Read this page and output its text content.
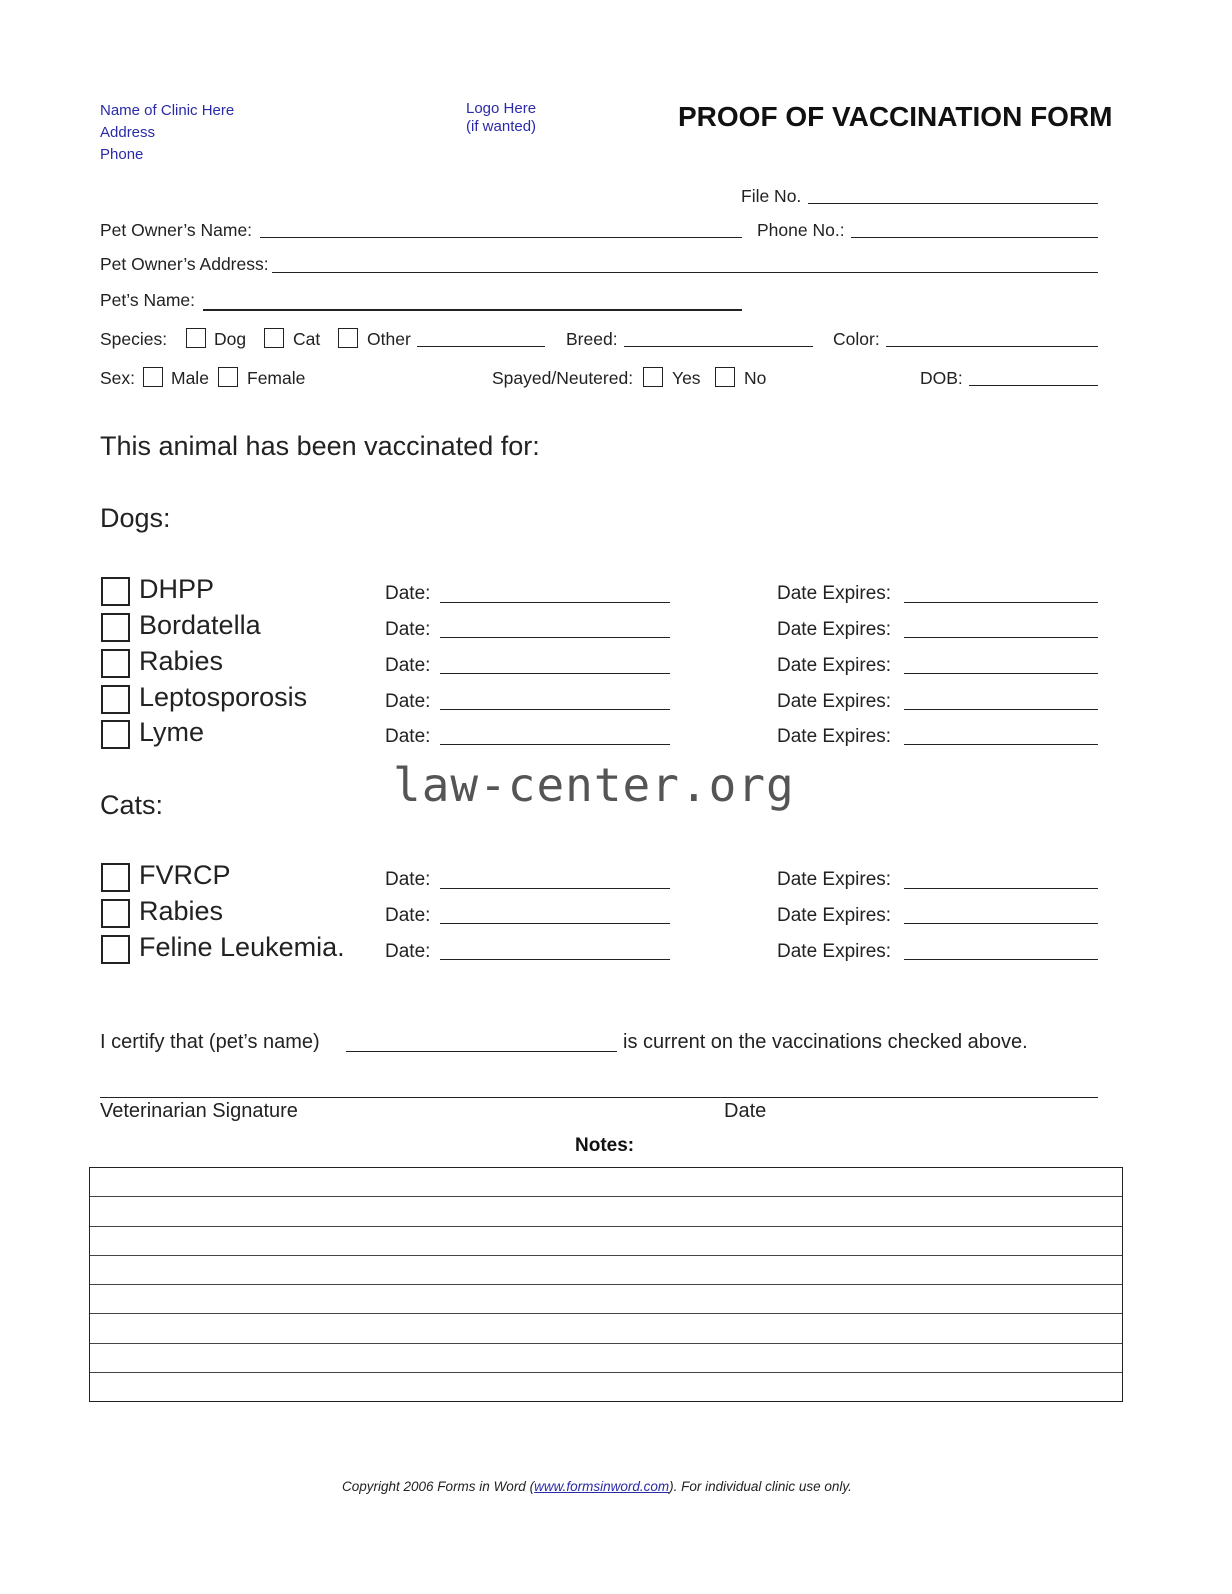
Name of Clinic Here
Address
Phone
Logo Here
(if wanted)	PROOF OF VACCINATION FORM
File No.
Pet Owner’s Name:	Phone No.:
Pet Owner’s Address:
Pet’s Name:
Species:	Dog	Cat	Other	Breed:	Color:
Sex: Male Female	Spayed/Neutered: Yes No	DOB:
This animal has been vaccinated for:
Dogs:
DHPP	Date:	Date Expires:
Bordatella	Date:	Date Expires:
Rabies	Date:	Date Expires:
Leptosporosis	Date:	Date Expires:
Lyme	Date:	Date Expires:
law-center.org
Cats:
FVRCP	Date:	Date Expires:
Rabies	Date:	Date Expires:
Feline Leukemia. Date:	Date Expires:
I certify that (pet’s name)	is current on the vaccinations checked above.
Veterinarian Signature	Date
Notes:
Copyright 2006 Forms in Word (www.formsinword.com). For individual clinic use only.
